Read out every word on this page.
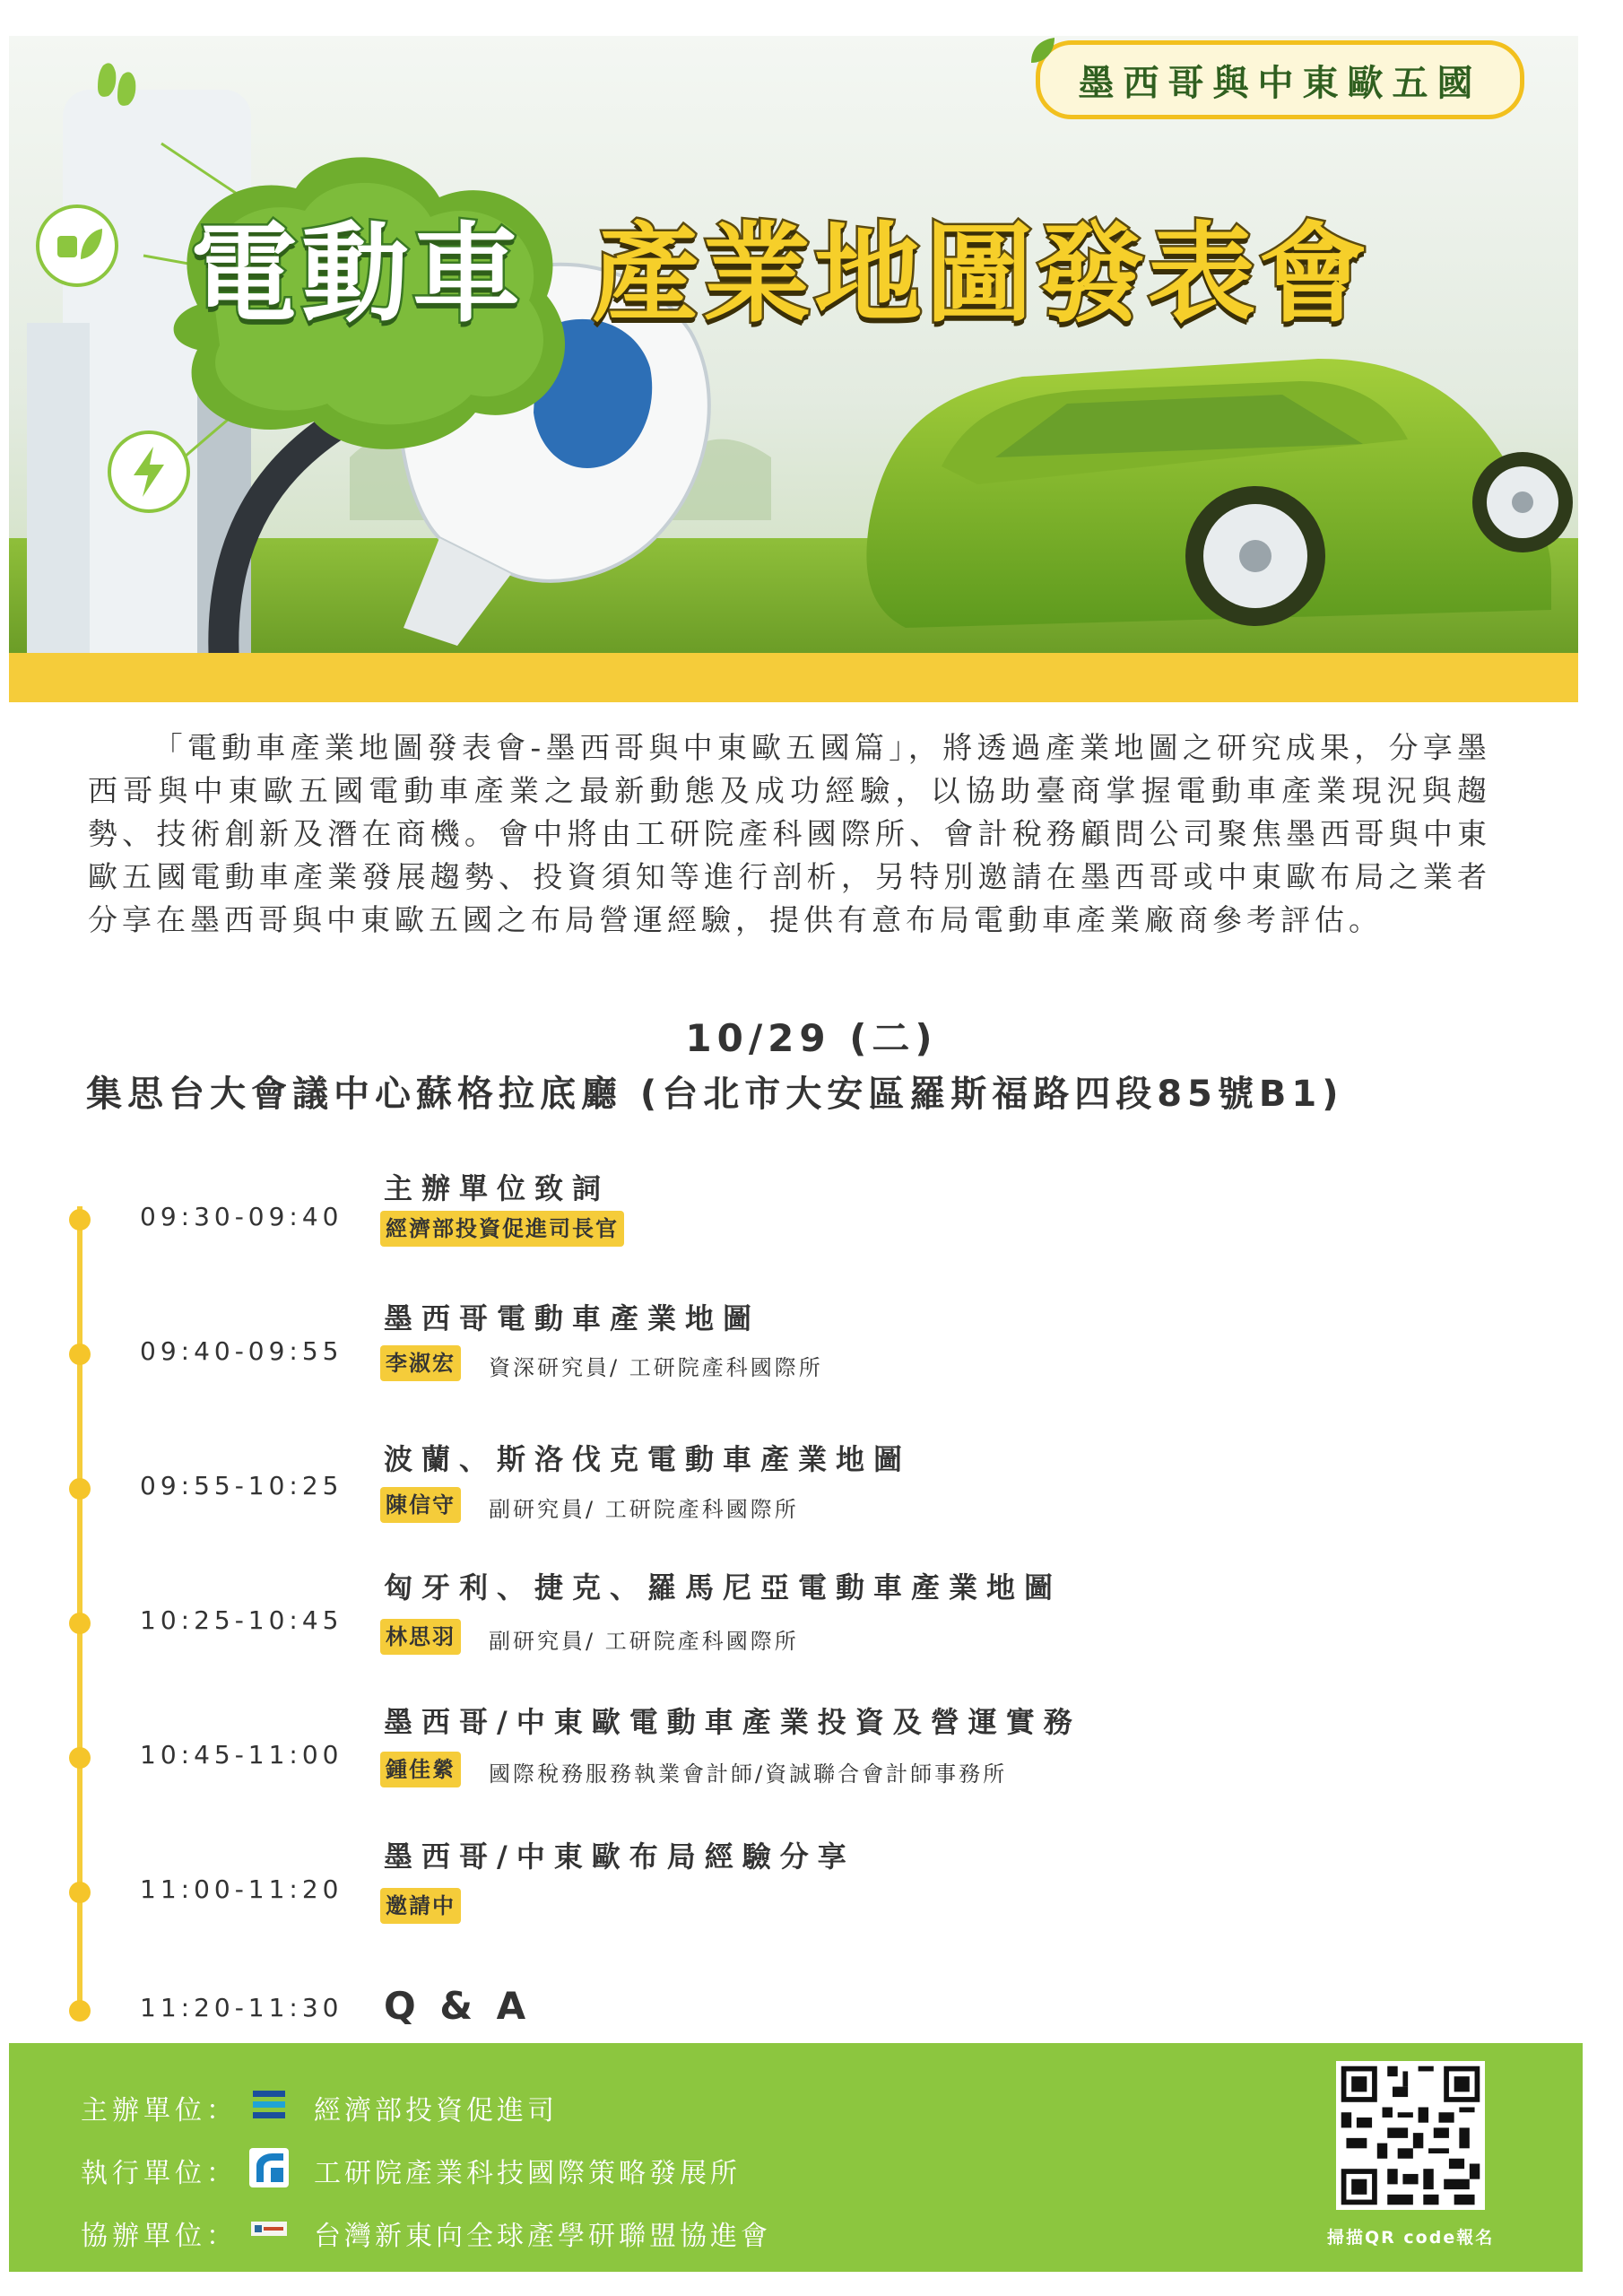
電動車 產業地圖發表會
墨西哥與中東歐五國
「電動車產業地圖發表會-墨西哥與中東歐五國篇」，將透過產業地圖之研究成果，分享墨西哥與中東歐五國電動車產業之最新動態及成功經驗，以協助臺商掌握電動車產業現況與趨勢、技術創新及潛在商機。會中將由工研院產科國際所、會計稅務顧問公司聚焦墨西哥與中東歐五國電動車產業發展趨勢、投資須知等進行剖析，另特別邀請在墨西哥或中東歐布局之業者分享在墨西哥與中東歐五國之布局營運經驗，提供有意布局電動車產業廠商參考評估。
10/29 (二)
集思台大會議中心蘇格拉底廳 (台北市大安區羅斯福路四段85號B1)
09:30-09:40
主辦單位致詞
經濟部投資促進司長官
09:40-09:55
墨西哥電動車產業地圖
李淑宏 資深研究員/ 工研院產科國際所
09:55-10:25
波蘭、斯洛伐克電動車產業地圖
陳信守 副研究員/ 工研院產科國際所
10:25-10:45
匈牙利、捷克、羅馬尼亞電動車產業地圖
林思羽 副研究員/ 工研院產科國際所
10:45-11:00
墨西哥/中東歐電動車產業投資及營運實務
鍾佳縈 國際稅務服務執業會計師/資誠聯合會計師事務所
11:00-11:20
墨西哥/中東歐布局經驗分享
邀請中
11:20-11:30 Q & A
主辦單位：	經濟部投資促進司
執行單位：	工研院產業科技國際策略發展所
協辦單位：	台灣新東向全球產學研聯盟協進會	掃描QR code報名
